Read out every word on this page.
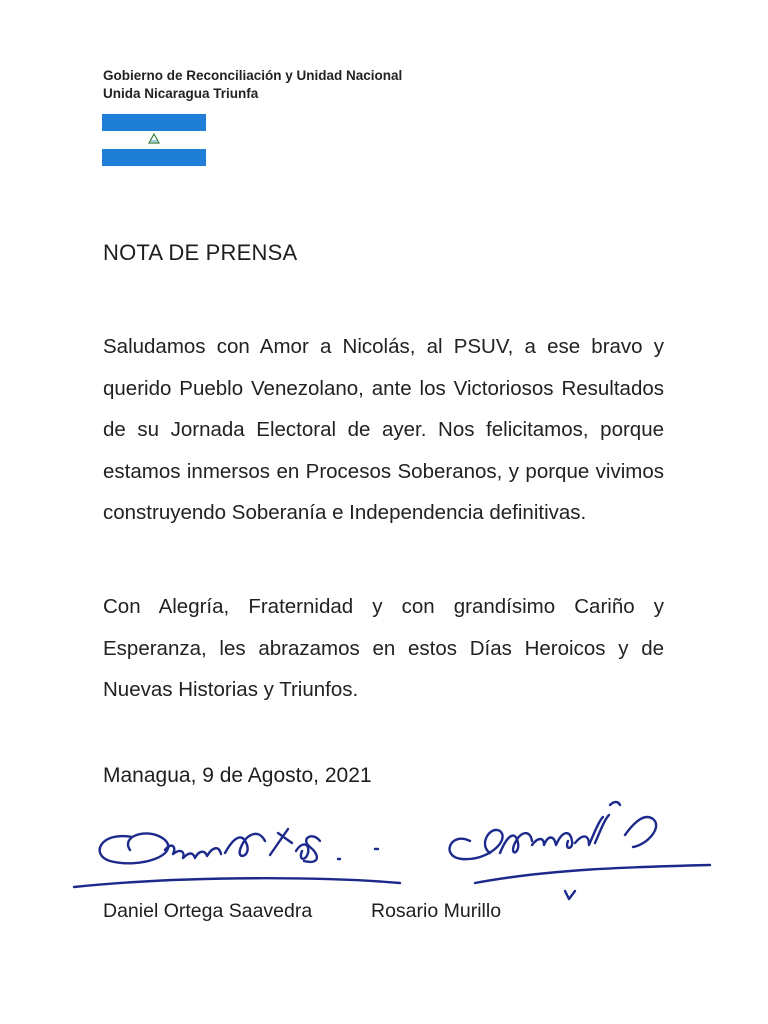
Gobierno de Reconciliación y Unidad Nacional
Unida Nicaragua Triunfa
NOTA DE PRENSA
Saludamos con Amor a Nicolás, al PSUV, a ese bravo y querido Pueblo Venezolano, ante los Victoriosos Resultados de su Jornada Electoral de ayer. Nos felicitamos, porque estamos inmersos en Procesos Soberanos, y porque vivimos construyendo Soberanía e Independencia definitivas.
Con Alegría, Fraternidad y con grandísimo Cariño y Esperanza, les abrazamos en estos Días Heroicos y de Nuevas Historias y Triunfos.
Managua, 9 de Agosto, 2021
Daniel Ortega Saavedra	Rosario Murillo
